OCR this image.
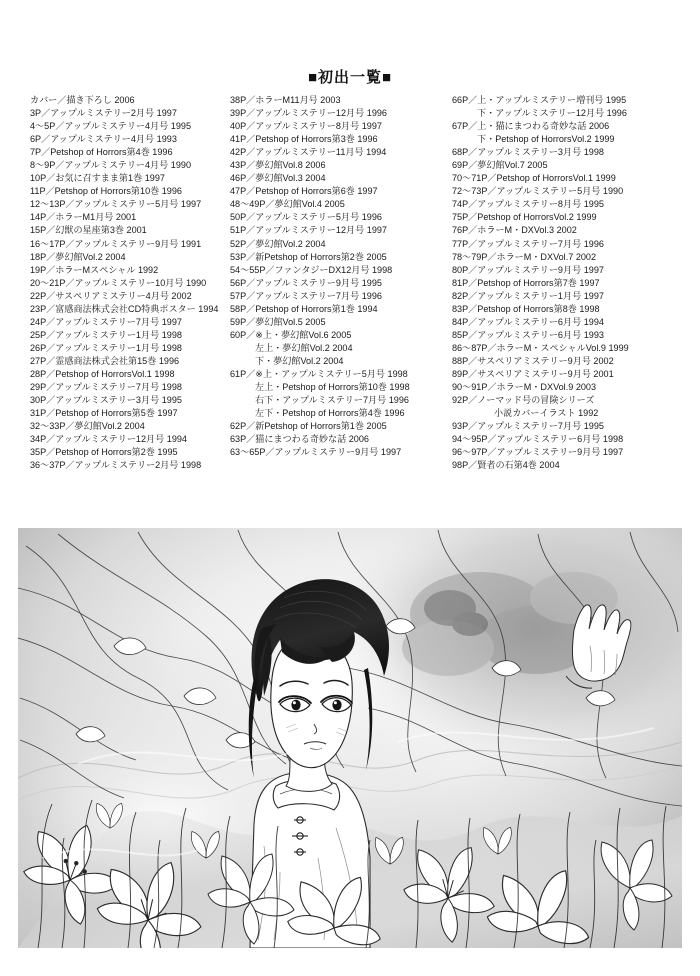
■初出一覧■
カバー／描き下ろし 2006
3P／アップルミステリー2月号 1997
4～5P／アップルミステリー4月号 1995
6P／アップルミステリー4月号 1993
7P／Petshop of Horrors第4巻 1996
8～9P／アップルミステリー4月号 1990
10P／お気に召すまま第1巻 1997
11P／Petshop of Horrors第10巻 1996
12～13P／アップルミステリー5月号 1997
14P／ホラーM1月号 2001
15P／幻獣の星座第3巻 2001
16～17P／アップルミステリー9月号 1991
18P／夢幻館Vol.2 2004
19P／ホラーMスペシャル 1992
20～21P／アップルミステリー10月号 1990
22P／サスペリアミステリー4月号 2002
23P／富感商法株式会社CD特典ポスター 1994
24P／アップルミステリー7月号 1997
25P／アップルミステリー1月号 1998
26P／アップルミステリー1月号 1998
27P／霊感商法株式会社第15巻 1996
28P／Petshop of HorrorsVol.1 1998
29P／アップルミステリー7月号 1998
30P／アップルミステリー3月号 1995
31P／Petshop of Horrors第5巻 1997
32～33P／夢幻館Vol.2 2004
34P／アップルミステリー12月号 1994
35P／Petshop of Horrors第2巻 1995
36～37P／アップルミステリー2月号 1998
38P／ホラーM11月号 2003
39P／アップルミステリー12月号 1996
40P／アップルミステリー8月号 1997
41P／Petshop of Horrors第3巻 1996
42P／アップルミステリー11月号 1994
43P／夢幻館Vol.8 2006
46P／夢幻館Vol.3 2004
47P／Petshop of Horrors第6巻 1997
48～49P／夢幻館Vol.4 2005
50P／アップルミステリー5月号 1996
51P／アップルミステリー12月号 1997
52P／夢幻館Vol.2 2004
53P／新Petshop of Horrors第2巻 2005
54～55P／ファンタジーDX12月号 1998
56P／アップルミステリー9月号 1995
57P／アップルミステリー7月号 1996
58P／Petshop of Horrors第1巻 1994
59P／夢幻館Vol.5 2005
60P／※上・夢幻館Vol.6 2005
左上・夢幻館Vol.2 2004
下・夢幻館Vol.2 2004
61P／※上・アップルミステリー5月号 1998
左上・Petshop of Horrors第10巻 1998
右下・アップルミステリー7月号 1996
左下・Petshop of Horrors第4巻 1996
62P／新Petshop of Horrors第1巻 2005
63P／猫にまつわる奇妙な話 2006
63～65P／アップルミステリー9月号 1997
66P／上・アップルミステリー増刊号 1995
下・アップルミステリー12月号 1996
67P／上・猫にまつわる奇妙な話 2006
下・Petshop of HorrorsVol.2 1999
68P／アップルミステリー3月号 1998
69P／夢幻館Vol.7 2005
70～71P／Petshop of HorrorsVol.1 1999
72～73P／アップルミステリー5月号 1990
74P／アップルミステリー8月号 1995
75P／Petshop of HorrorsVol.2 1999
76P／ホラーM・DXVol.3 2002
77P／アップルミステリー7月号 1996
78～79P／ホラーM・DXVol.7 2002
80P／アップルミステリー9月号 1997
81P／Petshop of Horrors第7巻 1997
82P／アップルミステリー1月号 1997
83P／Petshop of Horrors第8巻 1998
84P／アップルミステリー6月号 1994
85P／アップルミステリー6月号 1993
86～87P／ホラーM・スペシャルVol.9 1999
88P／サスペリアミステリー9月号 2002
89P／サスペリアミステリー9月号 2001
90～91P／ホラーM・DXVol.9 2003
92P／ノーマッド号の冒険シリーズ
小説カバーイラスト 1992
93P／アップルミステリー7月号 1995
94～95P／アップルミステリー6月号 1998
96～97P／アップルミステリー9月号 1997
98P／賢者の石第4巻 2004
